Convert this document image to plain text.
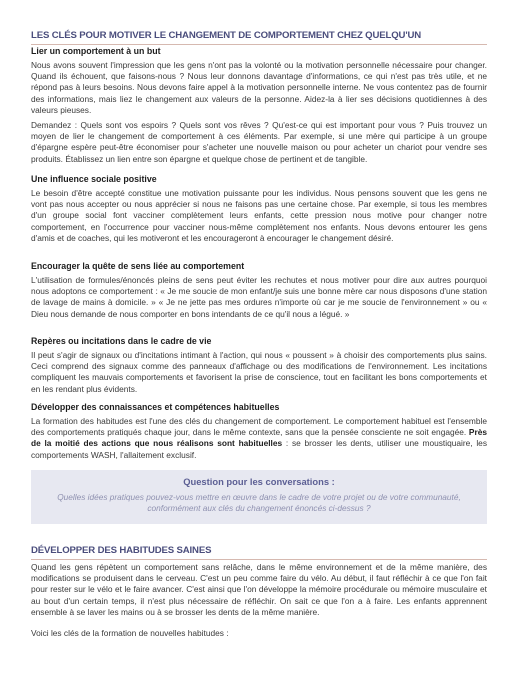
LES CLÉS POUR MOTIVER LE CHANGEMENT DE COMPORTEMENT CHEZ QUELQU'UN
Lier un comportement à un but

Nous avons souvent l'impression que les gens n'ont pas la volonté ou la motivation personnelle nécessaire pour changer. Quand ils échouent, que faisons-nous ? Nous leur donnons davantage d'informations, ce qui n'est pas très utile, et ne répond pas à leurs besoins. Nous devons faire appel à la motivation personnelle interne. Ne vous contentez pas de fournir des informations, mais liez le changement aux valeurs de la personne. Aidez-la à lier ses décisions quotidiennes à des valeurs pieuses.

Demandez : Quels sont vos espoirs ? Quels sont vos rêves ? Qu'est-ce qui est important pour vous ? Puis trouvez un moyen de lier le changement de comportement à ces éléments. Par exemple, si une mère qui participe à un groupe d'épargne espère peut-être économiser pour s'acheter une nouvelle maison ou pour acheter un chariot pour vendre ses produits. Établissez un lien entre son épargne et quelque chose de pertinent et de tangible.

Une influence sociale positive

Le besoin d'être accepté constitue une motivation puissante pour les individus. Nous pensons souvent que les gens ne vont pas nous accepter ou nous apprécier si nous ne faisons pas une certaine chose. Par exemple, si tous les membres d'un groupe social font vacciner complètement leurs enfants, cette pression nous motive pour changer notre comportement, en l'occurrence pour vacciner nous-même complètement nos enfants. Nous devons entourer les gens d'amis et de coaches, qui les motiveront et les encourageront à encourager le changement désiré.

Encourager la quête de sens liée au comportement

L'utilisation de formules/énoncés pleins de sens peut éviter les rechutes et nous motiver pour dire aux autres pourquoi nous adoptons ce comportement : « Je me soucie de mon enfant/je suis une bonne mère car nous disposons d'une station de lavage de mains à domicile. » « Je ne jette pas mes ordures n'importe où car je me soucie de l'environnement » ou « Dieu nous demande de nous comporter en bons intendants de ce qu'il nous a légué. »

Repères ou incitations dans le cadre de vie

Il peut s'agir de signaux ou d'incitations intimant à l'action, qui nous « poussent » à choisir des comportements plus sains. Ceci comprend des signaux comme des panneaux d'affichage ou des modifications de l'environnement. Les incitations compliquent les mauvais comportements et favorisent la prise de conscience, tout en facilitant les bons comportements et en les rendant plus évidents.

Développer des connaissances et compétences habituelles

La formation des habitudes est l'une des clés du changement de comportement. Le comportement habituel est l'ensemble des comportements pratiqués chaque jour, dans le même contexte, sans que la pensée consciente ne soit engagée. Près de la moitié des actions que nous réalisons sont habituelles : se brosser les dents, utiliser une moustiquaire, les comportements WASH, l'allaitement exclusif.

Question pour les conversations :
Quelles idées pratiques pouvez-vous mettre en œuvre dans le cadre de votre projet ou de votre communauté, conformément aux clés du changement énoncés ci-dessus ?
DÉVELOPPER DES HABITUDES SAINES

Quand les gens répètent un comportement sans relâche, dans le même environnement et de la même manière, des modifications se produisent dans le cerveau. C'est un peu comme faire du vélo. Au début, il faut réfléchir à ce que l'on fait pour rester sur le vélo et le faire avancer. C'est ainsi que l'on développe la mémoire procédurale ou mémoire musculaire et au bout d'un certain temps, il n'est plus nécessaire de réfléchir. On sait ce que l'on a à faire. Les enfants apprennent ensemble à se laver les mains ou à se brosser les dents de la même manière.

Voici les clés de la formation de nouvelles habitudes :
